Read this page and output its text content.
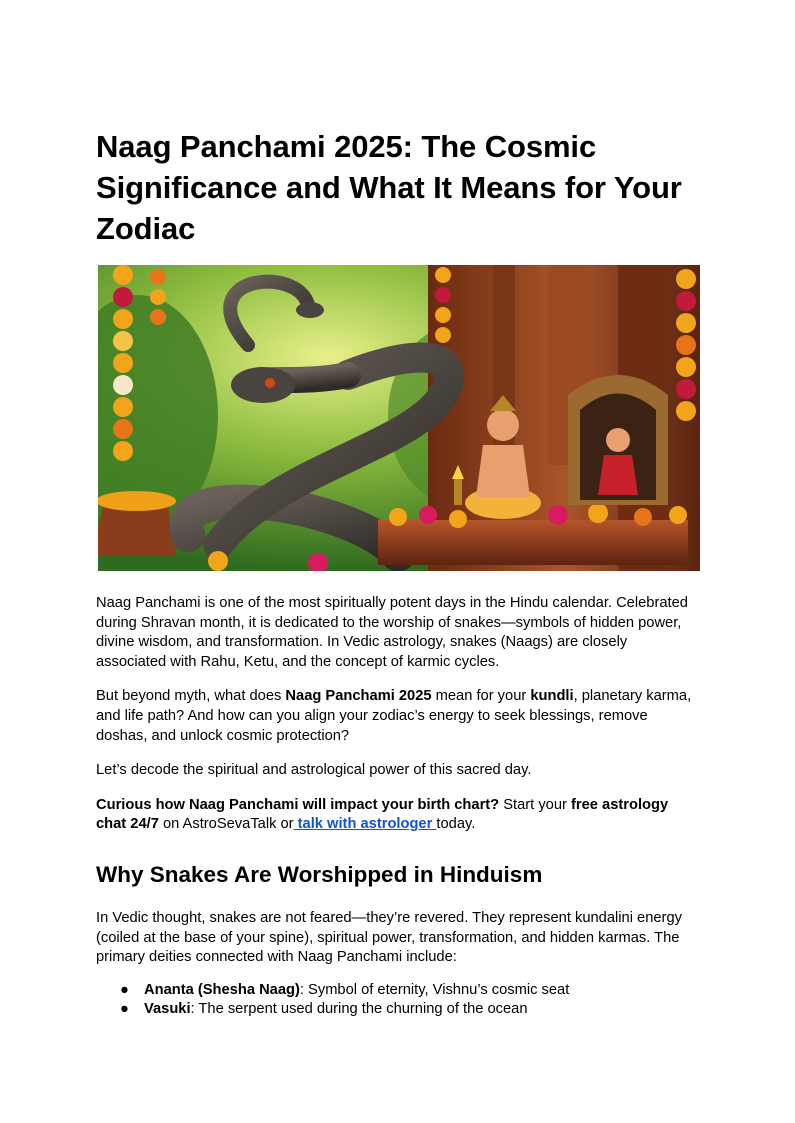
Naag Panchami 2025: The Cosmic Significance and What It Means for Your Zodiac

Naag Panchami is one of the most spiritually potent days in the Hindu calendar. Celebrated during Shravan month, it is dedicated to the worship of snakes—symbols of hidden power, divine wisdom, and transformation. In Vedic astrology, snakes (Naags) are closely associated with Rahu, Ketu, and the concept of karmic cycles.

But beyond myth, what does Naag Panchami 2025 mean for your kundli, planetary karma, and life path? And how can you align your zodiac’s energy to seek blessings, remove doshas, and unlock cosmic protection?

Let’s decode the spiritual and astrological power of this sacred day.

Curious how Naag Panchami will impact your birth chart? Start your free astrology chat 24/7 on AstroSevaTalk or talk with astrologer today.

Why Snakes Are Worshipped in Hinduism

In Vedic thought, snakes are not feared—they’re revered. They represent kundalini energy (coiled at the base of your spine), spiritual power, transformation, and hidden karmas. The primary deities connected with Naag Panchami include:

● Ananta (Shesha Naag): Symbol of eternity, Vishnu’s cosmic seat
● Vasuki: The serpent used during the churning of the ocean
